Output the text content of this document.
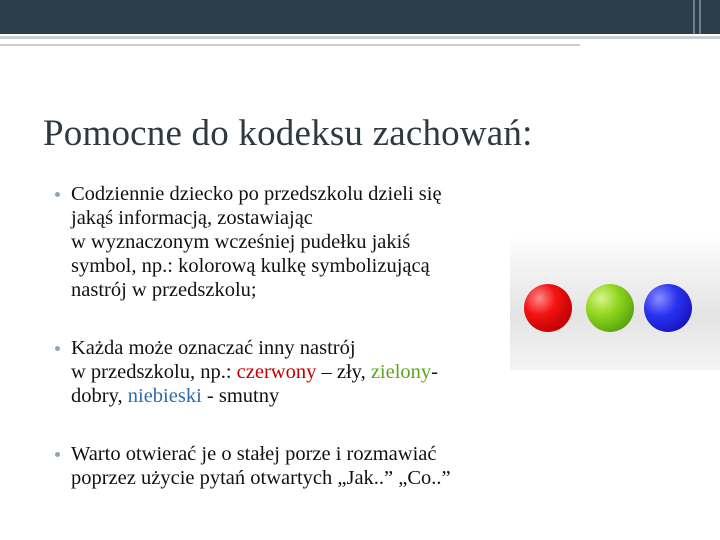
Pomocne do kodeksu zachowań:
Codziennie dziecko po przedszkolu dzieli się
jakąś informacją, zostawiając
w wyznaczonym wcześniej pudełku jakiś
symbol, np.: kolorową kulkę symbolizującą
nastrój w przedszkolu;
Każda może oznaczać inny nastrój
w przedszkolu, np.: czerwony – zły, zielony-
dobry, niebieski - smutny
Warto otwierać je o stałej porze i rozmawiać
poprzez użycie pytań otwartych „Jak..” „Co..”
